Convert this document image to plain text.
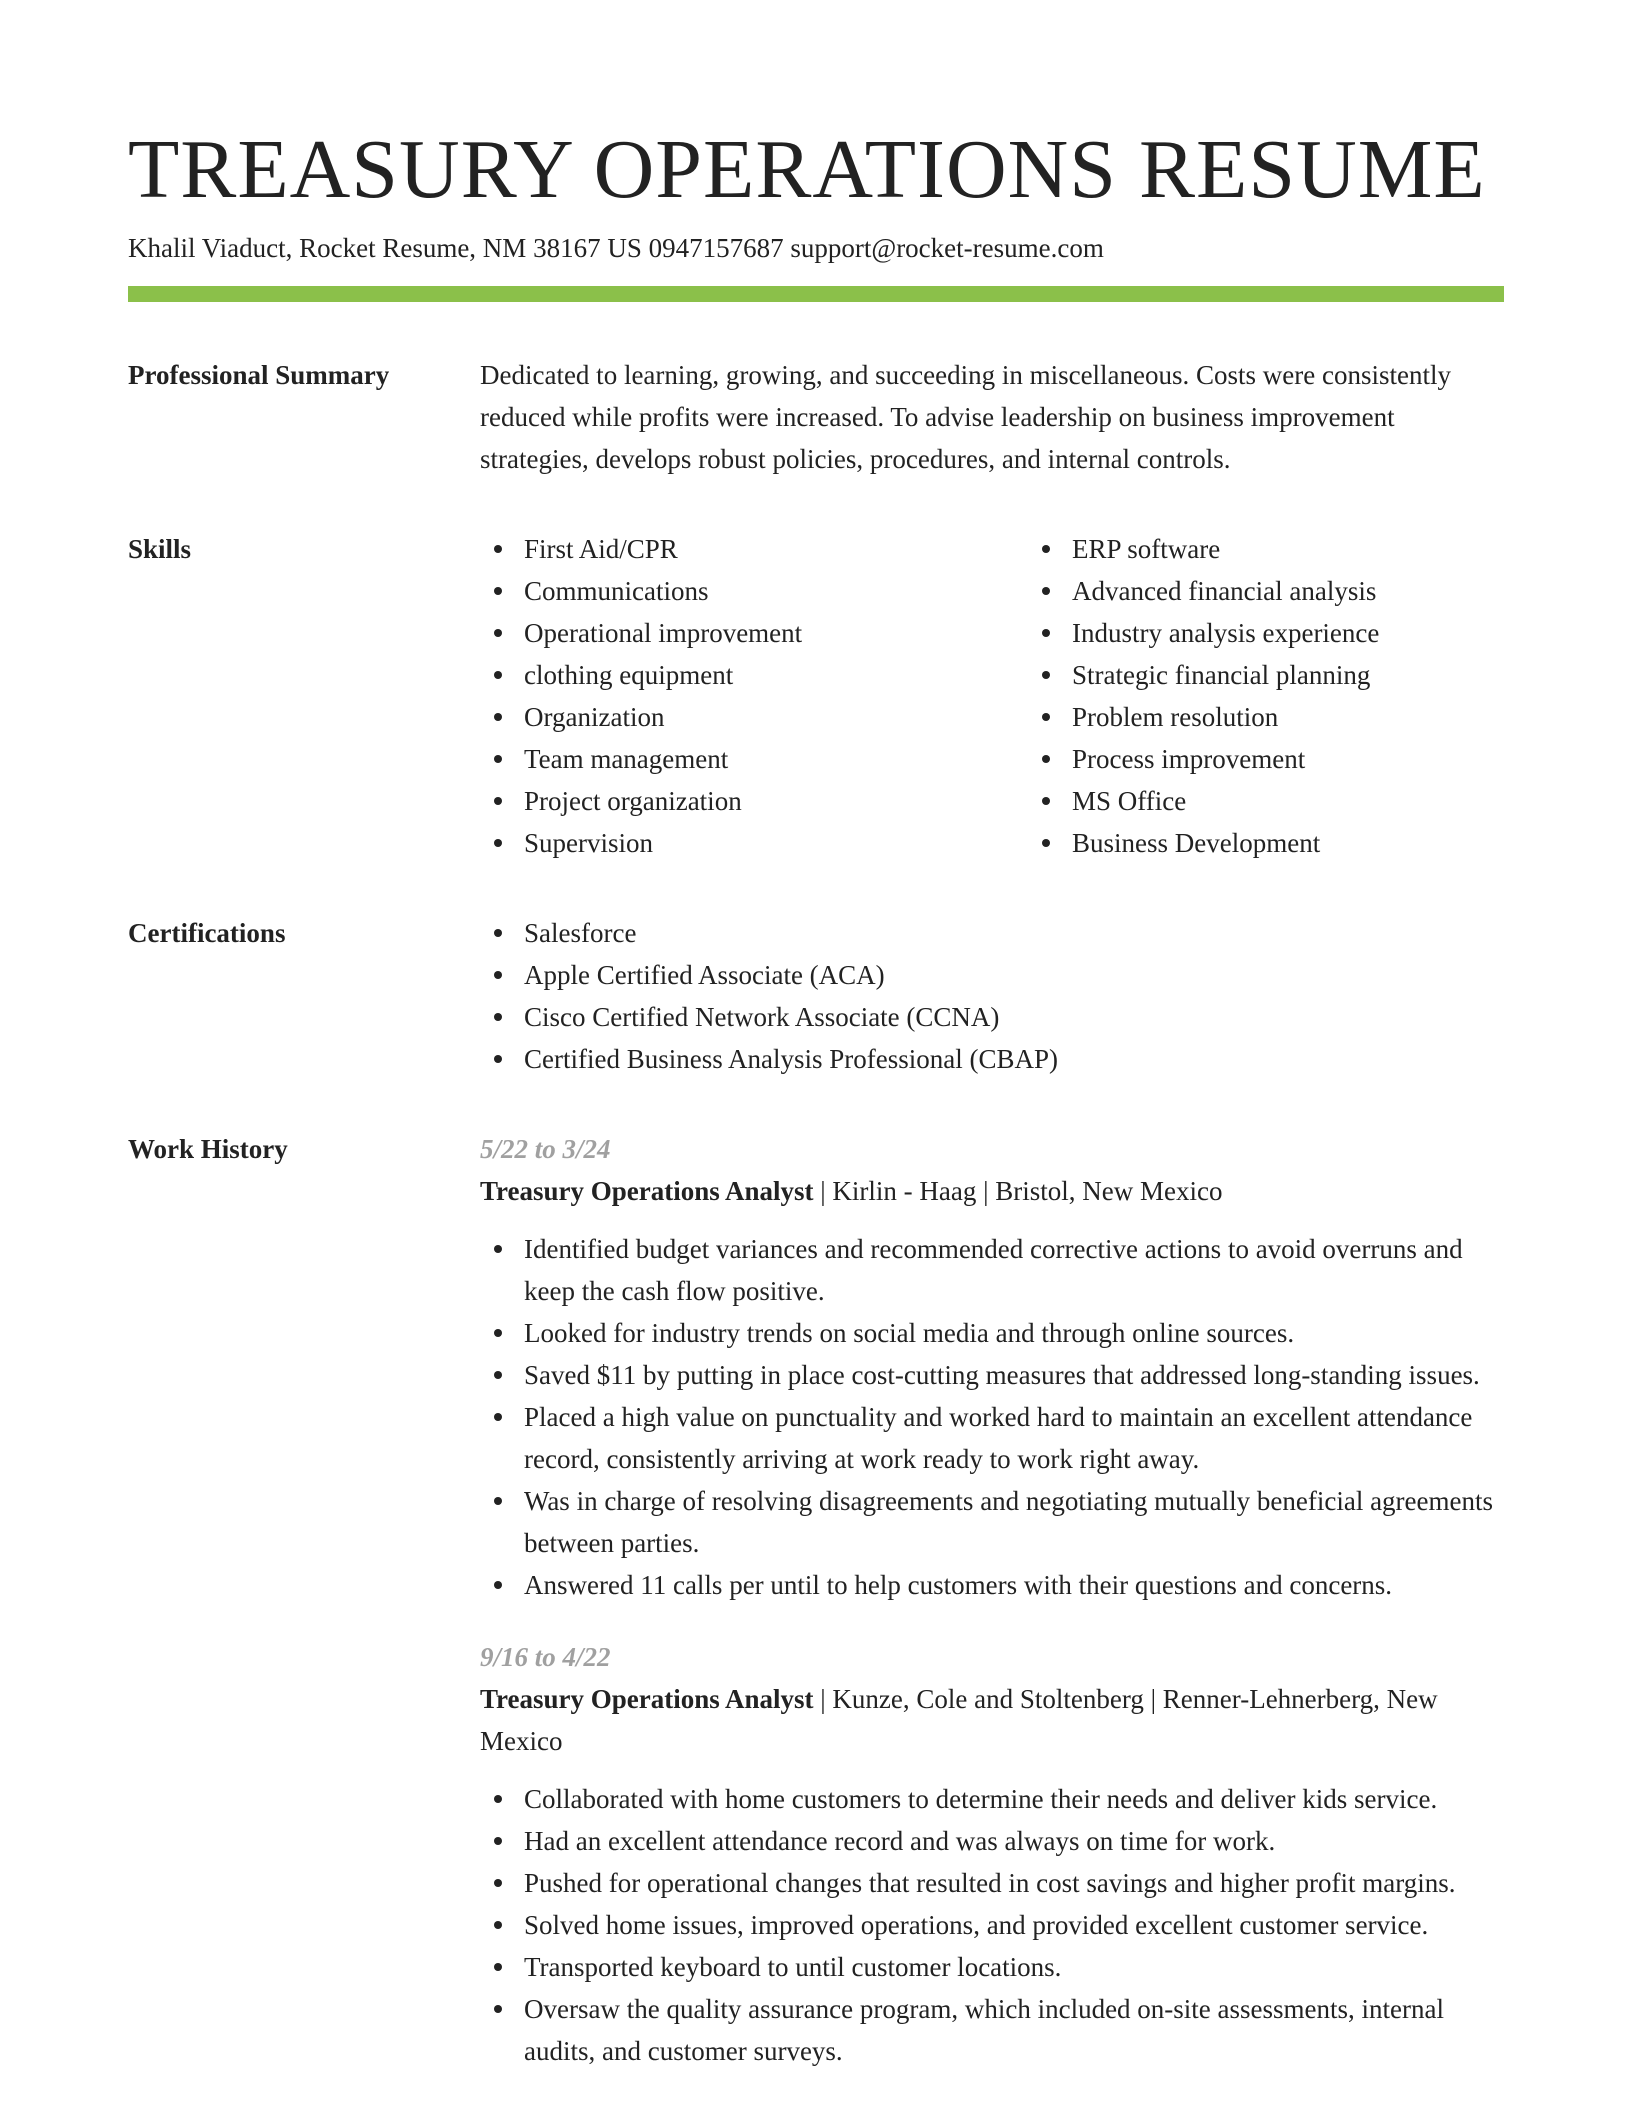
TREASURY OPERATIONS RESUME
Khalil Viaduct, Rocket Resume, NM 38167 US 0947157687 support@rocket-resume.com
Professional Summary	Dedicated to learning, growing, and succeeding in miscellaneous. Costs were consistently reduced while profits were increased. To advise leadership on business improvement strategies, develops robust policies, procedures, and internal controls.

Skills	First Aid/CPR
Communications
Operational improvement
clothing equipment
Organization
Team management
Project organization
Supervision
ERP software
Advanced financial analysis
Industry analysis experience
Strategic financial planning
Problem resolution
Process improvement
MS Office
Business Development
Certifications	Salesforce
Apple Certified Associate (ACA)
Cisco Certified Network Associate (CCNA)
Certified Business Analysis Professional (CBAP)
Work History	5/22 to 3/24
Treasury Operations Analyst | Kirlin - Haag | Bristol, New Mexico
Identified budget variances and recommended corrective actions to avoid overruns and keep the cash flow positive.
Looked for industry trends on social media and through online sources.
Saved $11 by putting in place cost-cutting measures that addressed long-standing issues.
Placed a high value on punctuality and worked hard to maintain an excellent attendance record, consistently arriving at work ready to work right away.
Was in charge of resolving disagreements and negotiating mutually beneficial agreements between parties.
Answered 11 calls per until to help customers with their questions and concerns.
9/16 to 4/22
Treasury Operations Analyst | Kunze, Cole and Stoltenberg | Renner-Lehnerberg, New Mexico
Collaborated with home customers to determine their needs and deliver kids service.
Had an excellent attendance record and was always on time for work.
Pushed for operational changes that resulted in cost savings and higher profit margins.
Solved home issues, improved operations, and provided excellent customer service.
Transported keyboard to until customer locations.
Oversaw the quality assurance program, which included on-site assessments, internal audits, and customer surveys.
